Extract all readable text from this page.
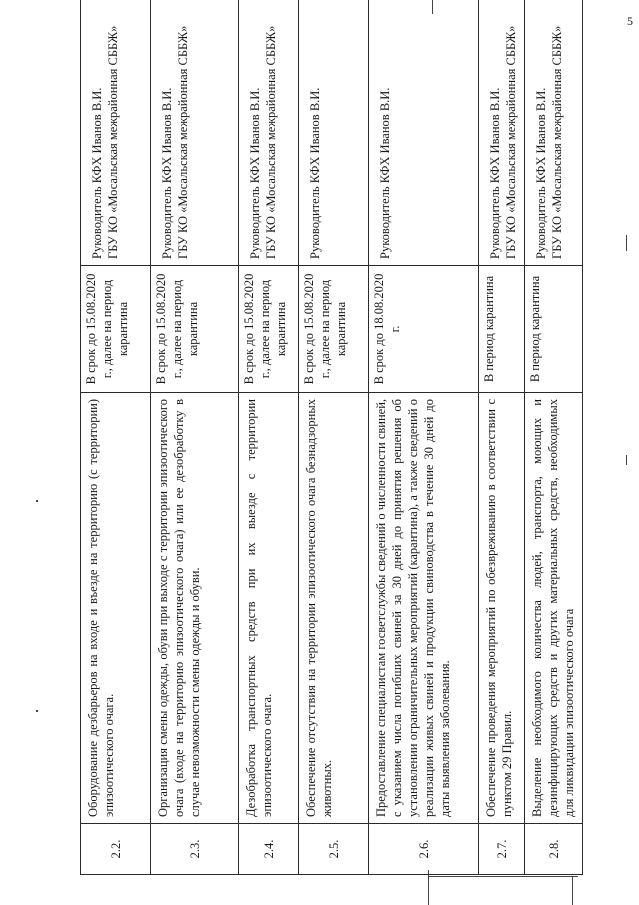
5
2.2.	Оборудование дезбарьеров на входе и въезде на территорию (с территории) эпизоотического очага.	В срок до 15.08.2020 г., далее на период карантина	Руководитель КФХ Иванов В.И. ГБУ КО «Мосальская межрайонная СББЖ»

2.3.	Организация смены одежды, обуви при выходе с территории эпизоотического очага (входе на территорию эпизоотического очага) или ее дезобработку в случае невозможности смены одежды и обуви.	В срок до 15.08.2020 г., далее на период карантина	Руководитель КФХ Иванов В.И. ГБУ КО «Мосальская межрайонная СББЖ»

2.4.	Дезобработка транспортных средств при их выезде с территории эпизоотического очага.	В срок до 15.08.2020 г., далее на период карантина	Руководитель КФХ Иванов В.И. ГБУ КО «Мосальская межрайонная СББЖ»

2.5.	Обеспечение отсутствия на территории эпизоотического очага безнадзорных животных.	В срок до 15.08.2020 г., далее на период карантина	Руководитель КФХ Иванов В.И.

2.6.	Предоставление специалистам госветслужбы сведений о численности свиней, с указанием числа погибших свиней за 30 дней до принятия решения об установлении ограничительных мероприятий (карантина), а также сведений о реализации живых свиней и продукции свиноводства в течение 30 дней до даты выявления заболевания.	В срок до 18.08.2020 г.	Руководитель КФХ Иванов В.И.

2.7.	Обеспечение проведения мероприятий по обезвреживанию в соответствии с пунктом 29 Правил.	В период карантина	Руководитель КФХ Иванов В.И. ГБУ КО «Мосальская межрайонная СББЖ»

2.8.	Выделение необходимого количества людей, транспорта, моющих и дезинфицирующих средств и других материальных средств, необходимых для ликвидации эпизоотического очага	В период карантина	Руководитель КФХ Иванов В.И. ГБУ КО «Мосальская межрайонная СББЖ»
